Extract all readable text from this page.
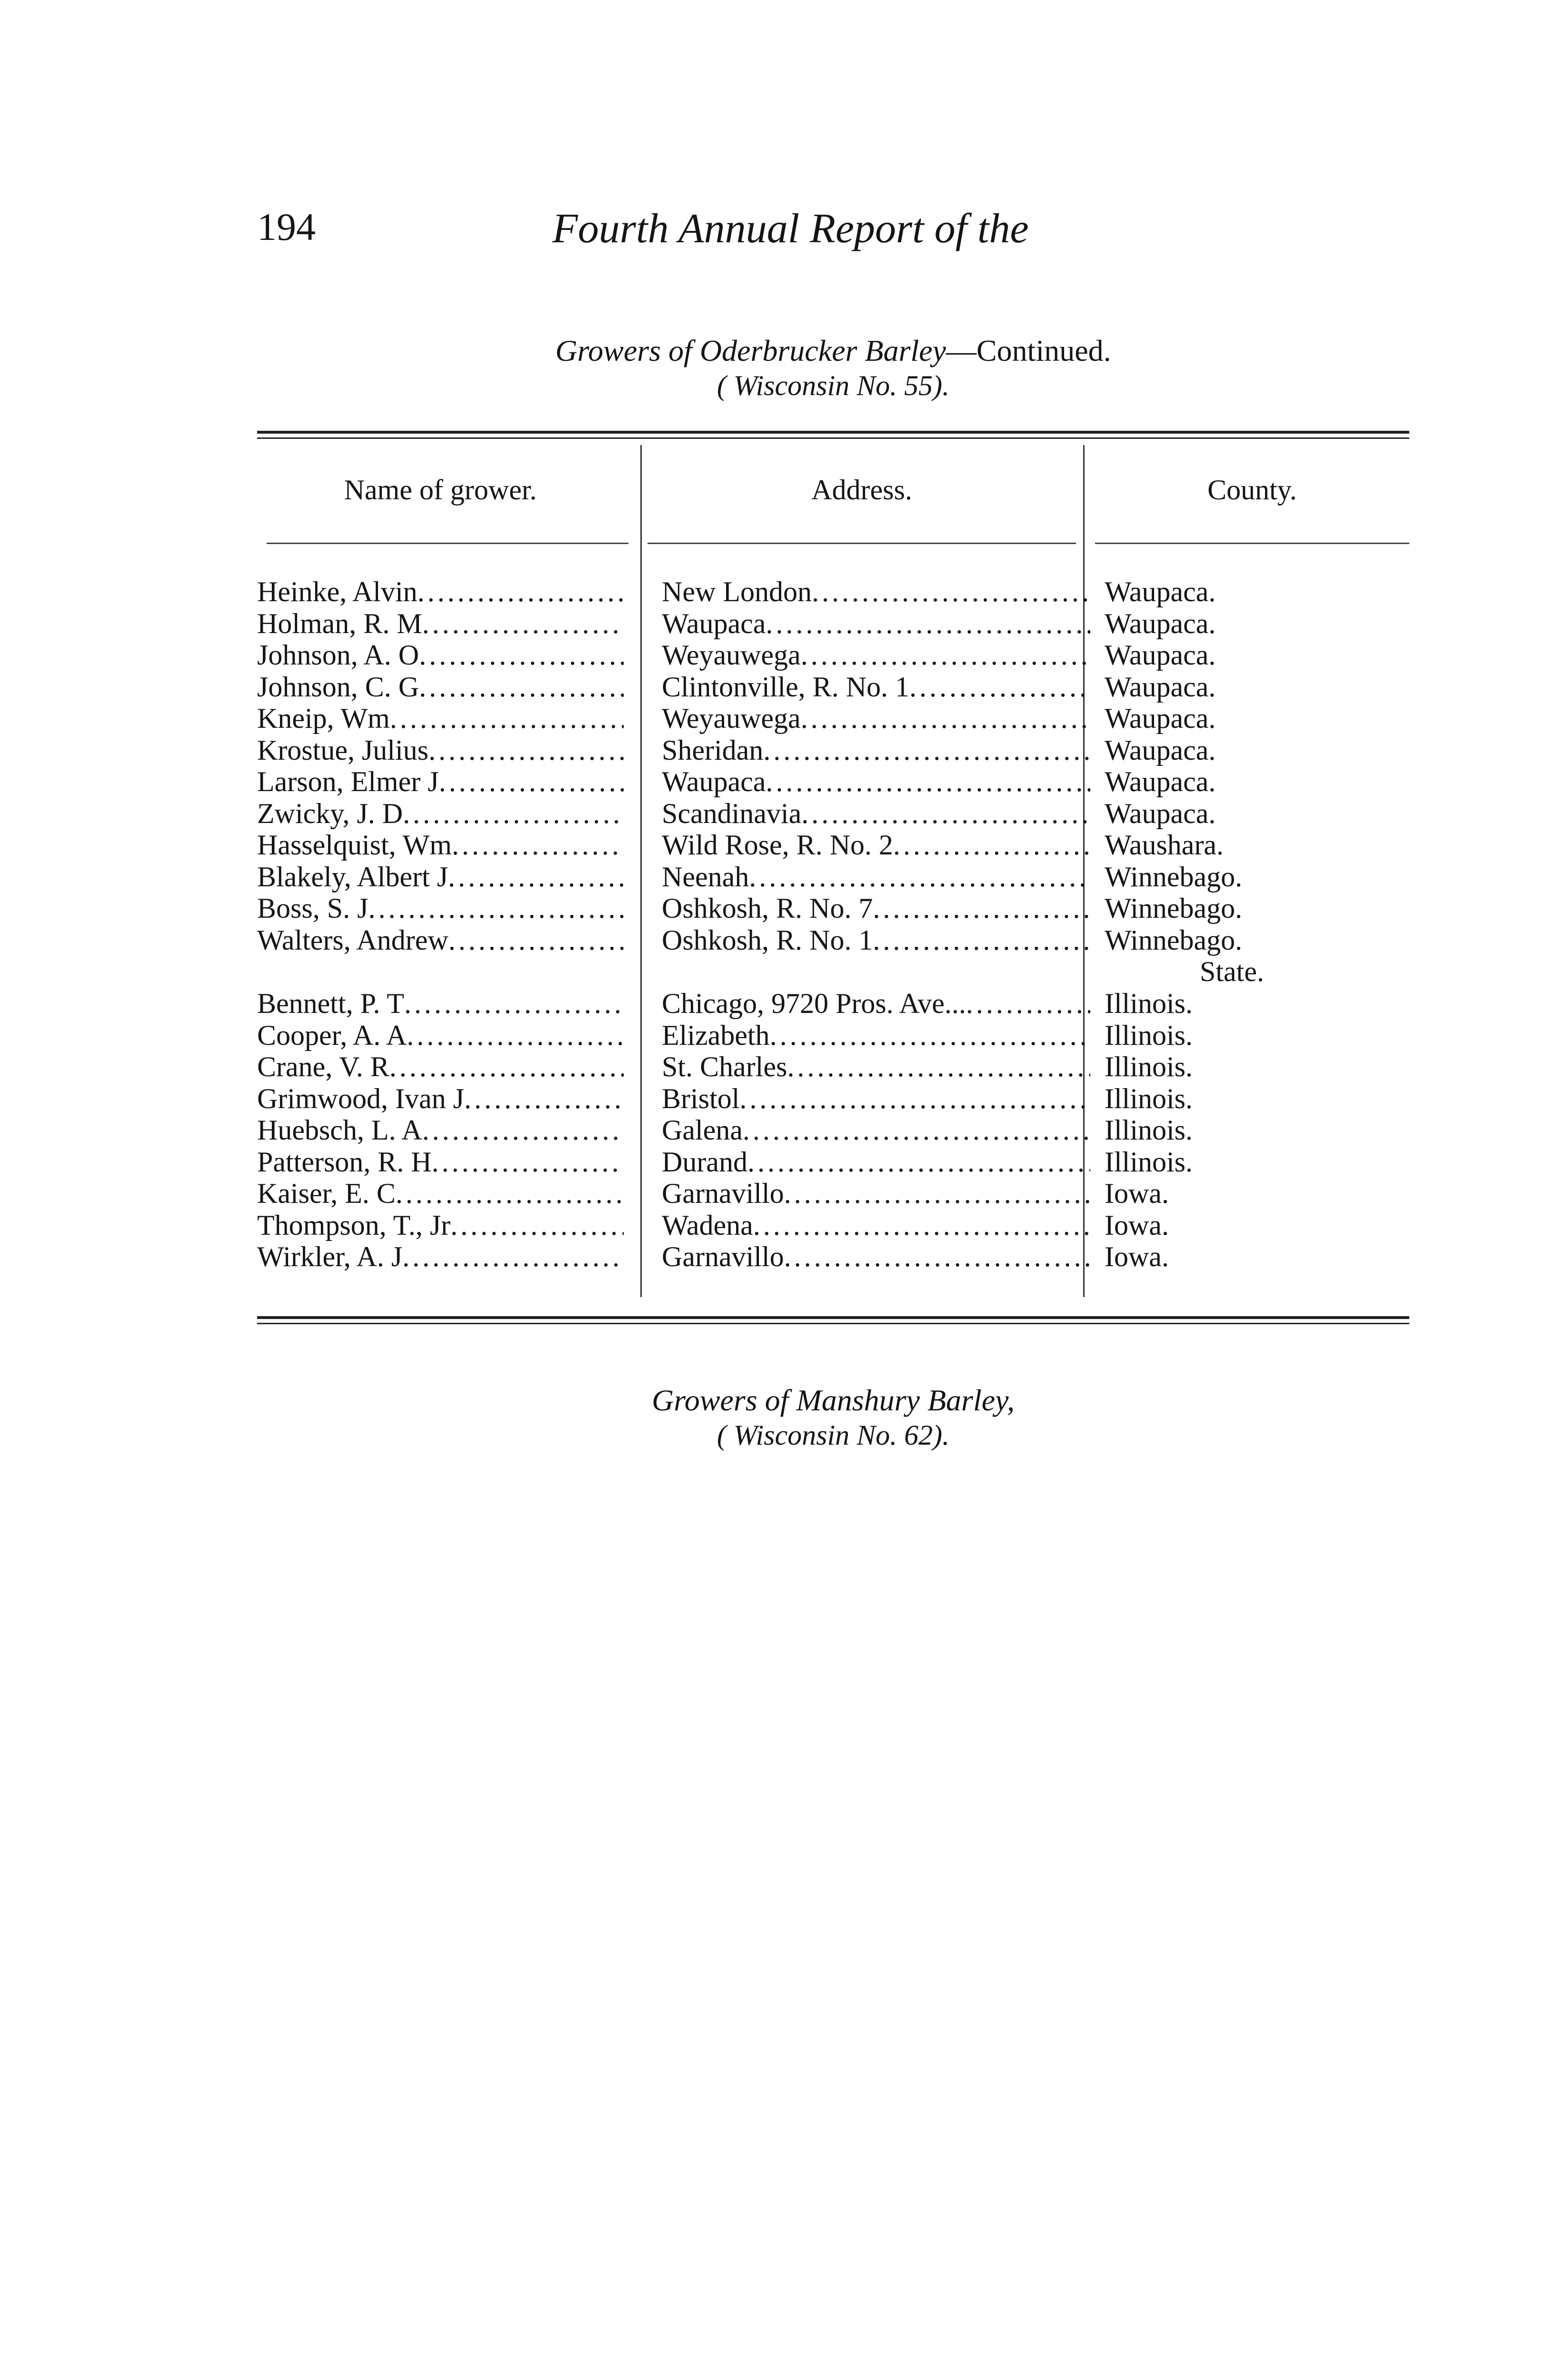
194	Fourth Annual Report of the
Growers of Oderbrucker Barley—Continued.
( Wisconsin No. 55).
Name of grower.	Address.	County.
Heinke, Alvin .....	New London .....	Waupaca.
Holman, R. M .....	Waupaca .....	Waupaca.
Johnson, A. O .....	Weyauwega .....	Waupaca.
Johnson, C. G .....	Clintonville, R. No. 1 .....	Waupaca.
Kneip, Wm .....	Weyauwega .....	Waupaca.
Krostue, Julius .....	Sheridan .....	Waupaca.
Larson, Elmer J .....	Waupaca .....	Waupaca.
Zwicky, J. D .....	Scandinavia .....	Waupaca.
Hasselquist, Wm .....	Wild Rose, R. No. 2 .....	Waushara.
Blakely, Albert J .....	Neenah .....	Winnebago.
Boss, S. J .....	Oshkosh, R. No. 7 .....	Winnebago.
Walters, Andrew .....	Oshkosh, R. No. 1 .....	Winnebago.
State.
Bennett, P. T .....	Chicago, 9720 Pros. Ave... .....	Illinois.
Cooper, A. A .....	Elizabeth .....	Illinois.
Crane, V. R .....	St. Charles .....	Illinois.
Grimwood, Ivan J .....	Bristol .....	Illinois.
Huebsch, L. A .....	Galena .....	Illinois.
Patterson, R. H .....	Durand .....	Illinois.
Kaiser, E. C .....	Garnavillo .....	Iowa.
Thompson, T., Jr .....	Wadena .....	Iowa.
Wirkler, A. J .....	Garnavillo .....	Iowa.
Growers of Manshury Barley,
( Wisconsin No. 62).
